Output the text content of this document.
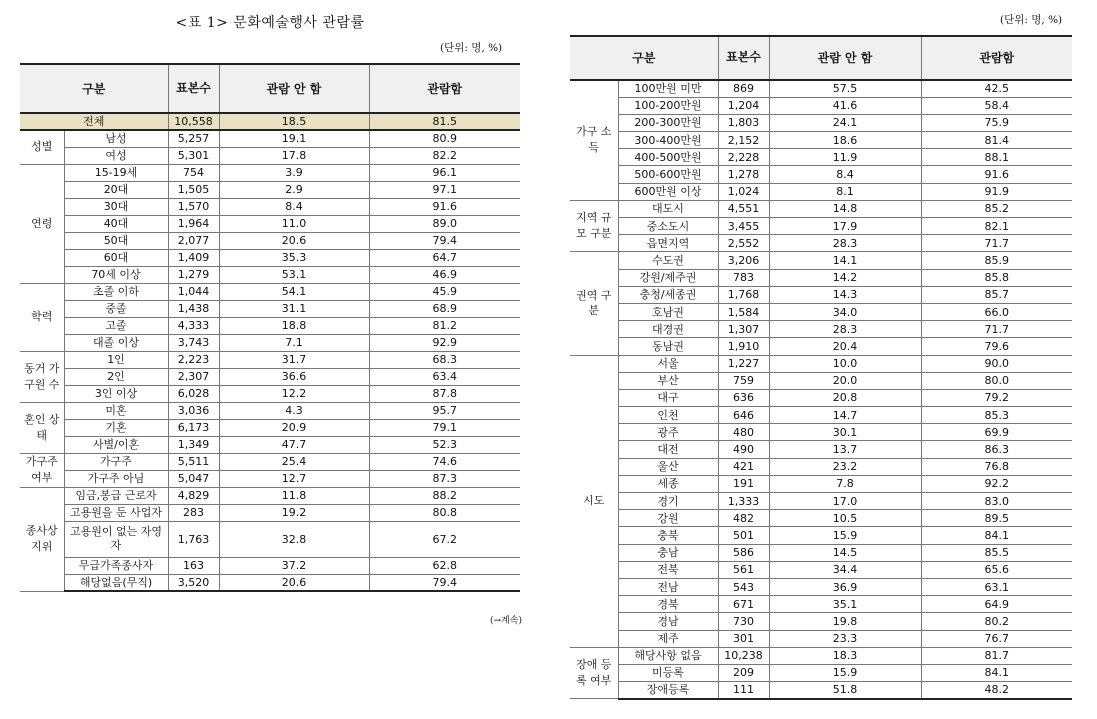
<표 1> 문화예술행사 관람률
(단위: 명, %)
구분		표본수	관람 안 함	관람함
전체		10,558	18.5	81.5
성별	남성	5,257	19.1	80.9
	여성	5,301	17.8	82.2
연령	15-19세	754	3.9	96.1
	20대	1,505	2.9	97.1
	30대	1,570	8.4	91.6
	40대	1,964	11.0	89.0
	50대	2,077	20.6	79.4
	60대	1,409	35.3	64.7
	70세 이상	1,279	53.1	46.9
학력	초졸 이하	1,044	54.1	45.9
	중졸	1,438	31.1	68.9
	고졸	4,333	18.8	81.2
	대졸 이상	3,743	7.1	92.9
동거 가구원 수	1인	2,223	31.7	68.3
	2인	2,307	36.6	63.4
	3인 이상	6,028	12.2	87.8
혼인 상태	미혼	3,036	4.3	95.7
	기혼	6,173	20.9	79.1
	사별/이혼	1,349	47.7	52.3
가구주 여부	가구주	5,511	25.4	74.6
	가구주 아님	5,047	12.7	87.3
종사상 지위	임금,봉급 근로자	4,829	11.8	88.2
	고용원을 둔 사업자	283	19.2	80.8
	고용원이 없는 자영자	1,763	32.8	67.2
	무급가족종사자	163	37.2	62.8
	해당없음(무직)	3,520	20.6	79.4
(→계속)
(단위: 명, %)
구분		표본수	관람 안 함	관람함
가구 소득	100만원 미만	869	57.5	42.5
	100-200만원	1,204	41.6	58.4
	200-300만원	1,803	24.1	75.9
	300-400만원	2,152	18.6	81.4
	400-500만원	2,228	11.9	88.1
	500-600만원	1,278	8.4	91.6
	600만원 이상	1,024	8.1	91.9
지역 규모 구분	대도시	4,551	14.8	85.2
	중소도시	3,455	17.9	82.1
	읍면지역	2,552	28.3	71.7
권역 구분	수도권	3,206	14.1	85.9
	강원/제주권	783	14.2	85.8
	충청/세종권	1,768	14.3	85.7
	호남권	1,584	34.0	66.0
	대경권	1,307	28.3	71.7
	동남권	1,910	20.4	79.6
시도	서울	1,227	10.0	90.0
	부산	759	20.0	80.0
	대구	636	20.8	79.2
	인천	646	14.7	85.3
	광주	480	30.1	69.9
	대전	490	13.7	86.3
	울산	421	23.2	76.8
	세종	191	7.8	92.2
	경기	1,333	17.0	83.0
	강원	482	10.5	89.5
	충북	501	15.9	84.1
	충남	586	14.5	85.5
	전북	561	34.4	65.6
	전남	543	36.9	63.1
	경북	671	35.1	64.9
	경남	730	19.8	80.2
	제주	301	23.3	76.7
장애 등록 여부	해당사항 없음	10,238	18.3	81.7
	미등록	209	15.9	84.1
	장애등록	111	51.8	48.2
